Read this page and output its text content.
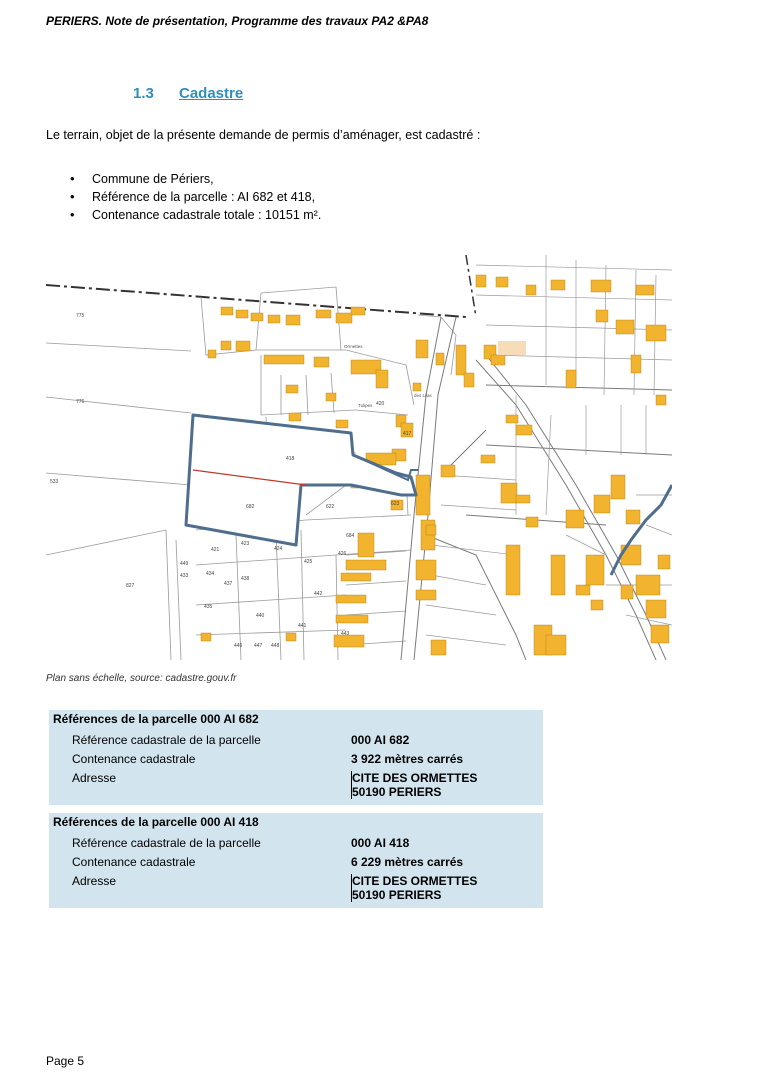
PERIERS. Note de présentation, Programme des travaux PA2 &PA8
1.3 Cadastre
Le terrain, objet de la présente demande de permis d’aménager, est cadastré :
• Commune de Périers,
• Référence de la parcelle : AI 682 et 418,
• Contenance cadastrale totale : 10151 m².
418
682
417
420
623
622
684
421
827
775
776
533
423
424
425
426
435
440
441
442
443
446 447 448
449
433	434
437
438
Ormettes
Tulipes
des Lilas
Plan sans échelle, source: cadastre.gouv.fr
Références de la parcelle 000 AI 682
Référence cadastrale de la parcelle	000 AI 682
Contenance cadastrale	3 922 mètres carrés
Adresse	CITE DES ORMETTES
50190 PERIERS
Références de la parcelle 000 AI 418
Référence cadastrale de la parcelle	000 AI 418
Contenance cadastrale	6 229 mètres carrés
Adresse	CITE DES ORMETTES
50190 PERIERS
Page 5
